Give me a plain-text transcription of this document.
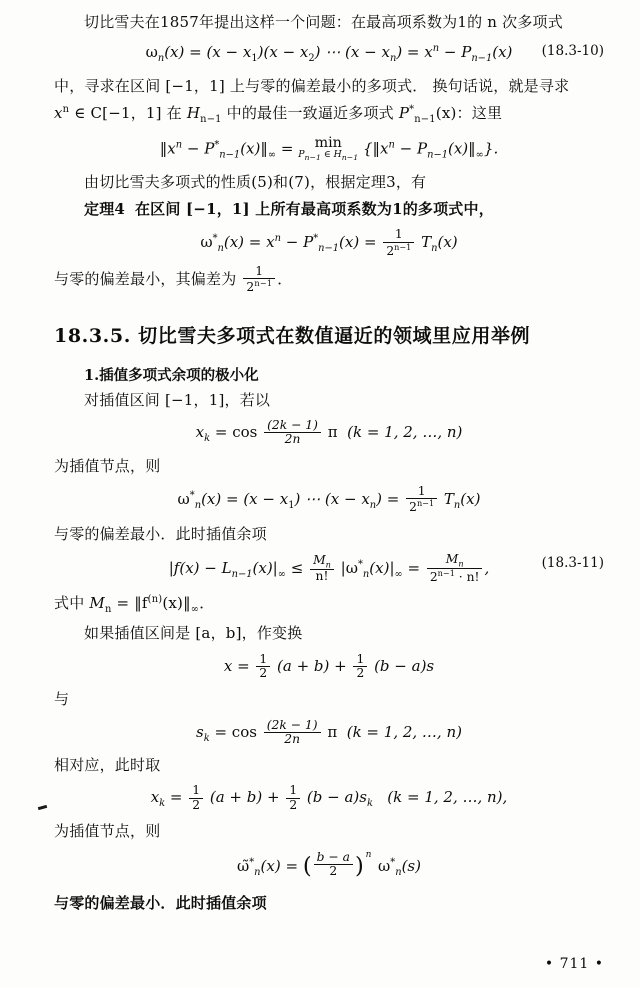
切比雪夫在1857年提出这样一个问题：在最高项系数为1的 n 次多项式

$\omega_n(x) = (x - x_1)(x - x_2)$ ⋯ $(x - x_n) = x^n - P_{n-1}(x)$ (18.3-10)

中，寻求在区间 [−1，1] 上与零的偏差最小的多项式． 换句话说，就是寻求

$x^n$ ∈ C[−1，1] 在 $H_{n-1}$ 中的最佳一致逼近多项式 $P^*_{n-1}(x)$：这里

$‖x^n$ − $P^*_{n-1}(x)‖_\infty$ =	min
$P_{n-1}$ ∈ $H_{n-1}$
{$‖x^n$ − $P_{n-1}(x)‖_\infty$}.

由切比雪夫多项式的性质(5)和(7)，根据定理3，有

定理4 在区间 [−1，1] 上所有最高项系数为1的多项式中，

$\omega^*_n(x) = x^n - P^*_{n-1}(x) = \frac{1}{2^{n-1}} T_n(x)$

与零的偏差最小，其偏差为 $\frac{1}{2^{n-1}}$ ．

18.3.5. 切比雪夫多项式在数值逼近的领域里应用举例

1.插值多项式余项的极小化

对插值区间 [−1，1]，若以

$x_k = \cos \frac{(2k - 1)}{2n}$ π  (k = 1, 2, …, n)

为插值节点，则

$\omega^*_n(x) = (x - x_1)$ ⋯ $(x - x_n) = \frac{1}{2^{n-1}} T_n(x)$

与零的偏差最小．此时插值余项

$|f(x) - L_{n-1}(x)|_\infty \le \frac{M_n}{n!} |\omega^*_n(x)|_\infty = \frac{M_n}{2^{n-1} \cdot n!}$ ,	(18.3-11)

式中 $M_n$ = $‖f^{(n)}(x)‖_\infty$．

如果插值区间是 [a，b]，作变换

$x = \frac{1}{2} (a + b) + \frac{1}{2} (b - a)s$

与

$s_k = \cos \frac{(2k - 1)}{2n}$ π  (k = 1, 2, …, n)

相对应，此时取

$x_k = \frac{1}{2} (a + b) + \frac{1}{2} (b - a)s_k$   (k = 1, 2, …, n),

为插值节点，则

$\omegã^*_n(x)$ = ( $\frac{b - a}{2}$ ) n
$\omega^*_n(s)$

与零的偏差最小．此时插值余项

• 711 •
